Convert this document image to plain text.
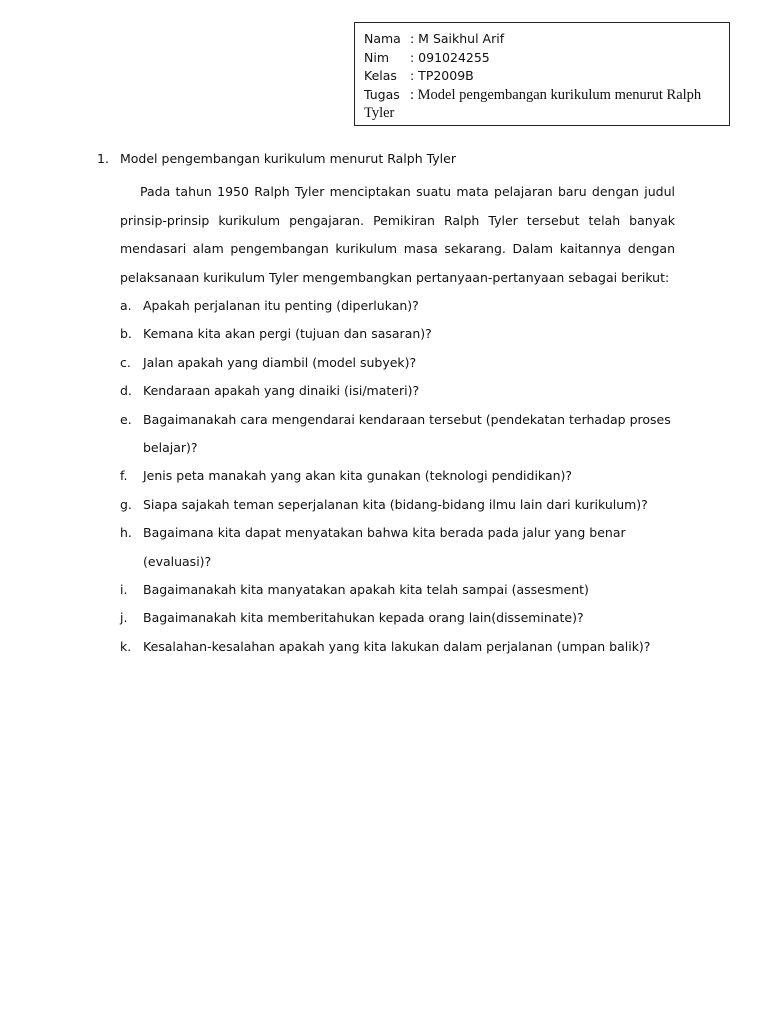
Nama : M Saikhul Arif
Nim	: 091024255
Kelas	: TP2009B
Tugas : Model pengembangan kurikulum menurut Ralph
Tyler
1. Model pengembangan kurikulum menurut Ralph Tyler
Pada tahun 1950 Ralph Tyler menciptakan suatu mata pelajaran baru dengan judul prinsip-prinsip kurikulum pengajaran. Pemikiran Ralph Tyler tersebut telah banyak mendasari alam pengembangan kurikulum masa sekarang. Dalam kaitannya dengan pelaksanaan kurikulum Tyler mengembangkan pertanyaan-pertanyaan sebagai berikut:
a. Apakah perjalanan itu penting (diperlukan)?
b. Kemana kita akan pergi (tujuan dan sasaran)?
c. Jalan apakah yang diambil (model subyek)?
d. Kendaraan apakah yang dinaiki (isi/materi)?
e. Bagaimanakah cara mengendarai kendaraan tersebut (pendekatan terhadap proses belajar)?
f.	Jenis peta manakah yang akan kita gunakan (teknologi pendidikan)?
g. Siapa sajakah teman seperjalanan kita (bidang-bidang ilmu lain dari kurikulum)?
h. Bagaimana kita dapat menyatakan bahwa kita berada pada jalur yang benar (evaluasi)?
i.	Bagaimanakah kita manyatakan apakah kita telah sampai (assesment)
j.	Bagaimanakah kita memberitahukan kepada orang lain(disseminate)?
k. Kesalahan-kesalahan apakah yang kita lakukan dalam perjalanan (umpan balik)?
